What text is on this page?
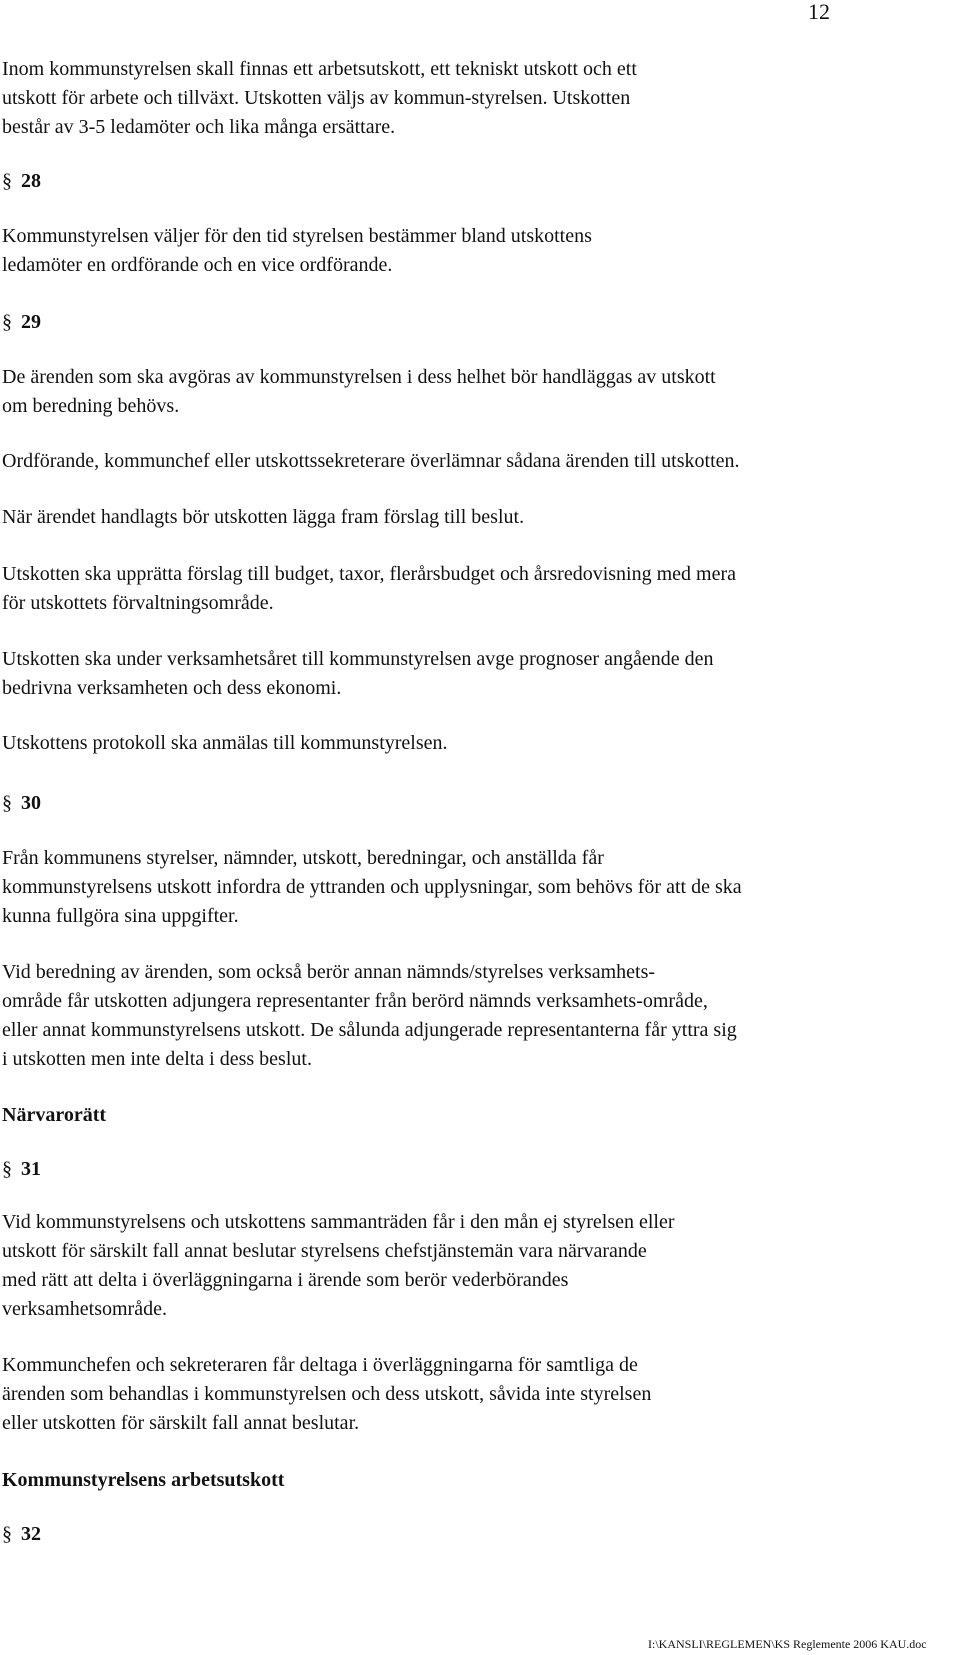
12
Inom kommunstyrelsen skall finnas ett arbetsutskott, ett tekniskt utskott och ett
utskott för arbete och tillväxt. Utskotten väljs av kommun-styrelsen. Utskotten
består av 3-5 ledamöter och lika många ersättare.
§ 28
Kommunstyrelsen väljer för den tid styrelsen bestämmer bland utskottens
ledamöter en ordförande och en vice ordförande.
§ 29
De ärenden som ska avgöras av kommunstyrelsen i dess helhet bör handläggas av utskott
om beredning behövs.
Ordförande, kommunchef eller utskottssekreterare överlämnar sådana ärenden till utskotten.
När ärendet handlagts bör utskotten lägga fram förslag till beslut.
Utskotten ska upprätta förslag till budget, taxor, flerårsbudget och årsredovisning med mera
för utskottets förvaltningsområde.
Utskotten ska under verksamhetsåret till kommunstyrelsen avge prognoser angående den
bedrivna verksamheten och dess ekonomi.
Utskottens protokoll ska anmälas till kommunstyrelsen.
§ 30
Från kommunens styrelser, nämnder, utskott, beredningar, och anställda får
kommunstyrelsens utskott infordra de yttranden och upplysningar, som behövs för att de ska
kunna fullgöra sina uppgifter.
Vid beredning av ärenden, som också berör annan nämnds/styrelses verksamhets-
område får utskotten adjungera representanter från berörd nämnds verksamhets-område,
eller annat kommunstyrelsens utskott. De sålunda adjungerade representanterna får yttra sig
i utskotten men inte delta i dess beslut.
Närvarorätt
§ 31
Vid kommunstyrelsens och utskottens sammanträden får i den mån ej styrelsen eller
utskott för särskilt fall annat beslutar styrelsens chefstjänstemän vara närvarande
med rätt att delta i överläggningarna i ärende som berör vederbörandes
verksamhetsområde.
Kommunchefen och sekreteraren får deltaga i överläggningarna för samtliga de
ärenden som behandlas i kommunstyrelsen och dess utskott, såvida inte styrelsen
eller utskotten för särskilt fall annat beslutar.
Kommunstyrelsens arbetsutskott
§ 32
I:\KANSLI\REGLEMEN\KS Reglemente 2006 KAU.doc
